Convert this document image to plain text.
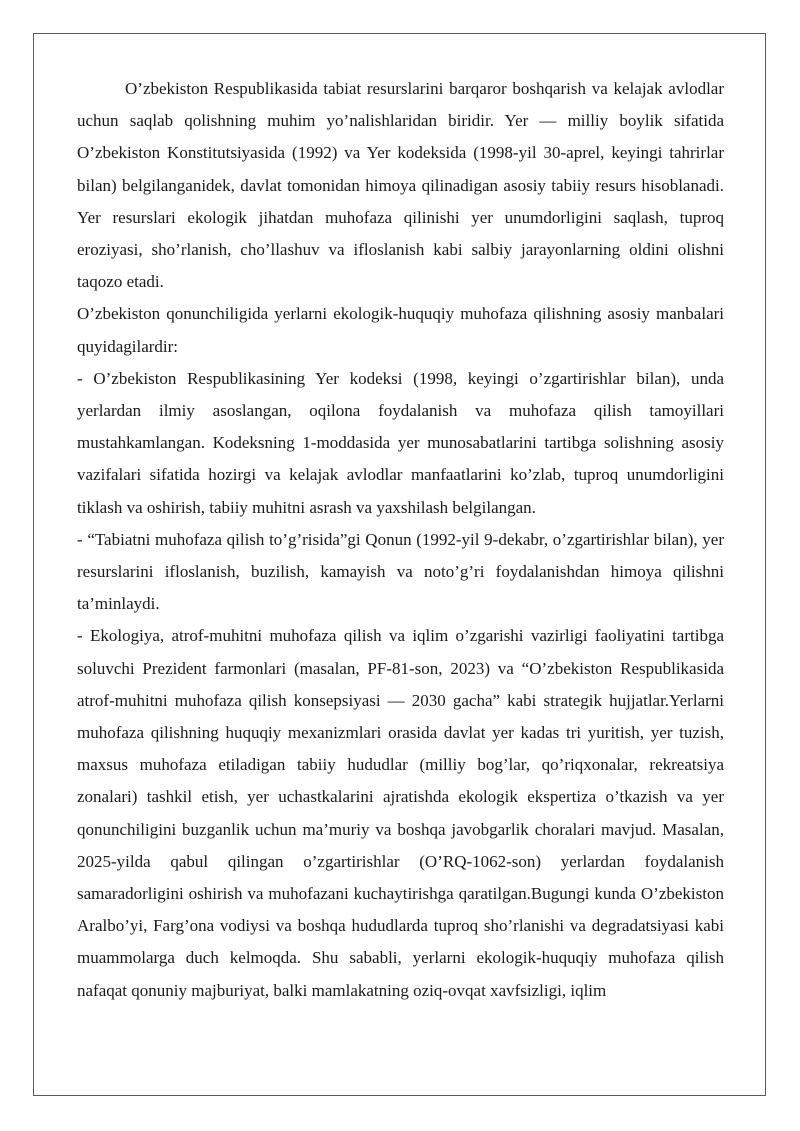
O’zbekiston Respublikasida tabiat resurslarini barqaror boshqarish va kelajak avlodlar uchun saqlab qolishning muhim yo’nalishlaridan biridir. Yer — milliy boylik sifatida O’zbekiston Konstitutsiyasida (1992) va Yer kodeksida (1998-yil 30-aprel, keyingi tahrirlar bilan) belgilanganidek, davlat tomonidan himoya qilinadigan asosiy tabiiy resurs hisoblanadi. Yer resurslari ekologik jihatdan muhofaza qilinishi yer unumdorligini saqlash, tuproq eroziyasi, sho’rlanish, cho’llashuv va ifloslanish kabi salbiy jarayonlarning oldini olishni taqozo etadi.

O’zbekiston qonunchiligida yerlarni ekologik-huquqiy muhofaza qilishning asosiy manbalari quyidagilardir:

- O’zbekiston Respublikasining Yer kodeksi (1998, keyingi o’zgartirishlar bilan), unda yerlardan ilmiy asoslangan, oqilona foydalanish va muhofaza qilish tamoyillari mustahkamlangan. Kodeksning 1-moddasida yer munosabatlarini tartibga solishning asosiy vazifalari sifatida hozirgi va kelajak avlodlar manfaatlarini ko’zlab, tuproq unumdorligini tiklash va oshirish, tabiiy muhitni asrash va yaxshilash belgilangan.

- “Tabiatni muhofaza qilish to’g’risida”gi Qonun (1992-yil 9-dekabr, o’zgartirishlar bilan), yer resurslarini ifloslanish, buzilish, kamayish va noto’g’ri foydalanishdan himoya qilishni ta’minlaydi.

- Ekologiya, atrof-muhitni muhofaza qilish va iqlim o’zgarishi vazirligi faoliyatini tartibga soluvchi Prezident farmonlari (masalan, PF-81-son, 2023) va “O’zbekiston Respublikasida atrof-muhitni muhofaza qilish konsepsiyasi — 2030 gacha” kabi strategik hujjatlar.Yerlarni muhofaza qilishning huquqiy mexanizmlari orasida davlat yer kadas tri yuritish, yer tuzish, maxsus muhofaza etiladigan tabiiy hududlar (milliy bog’lar, qo’riqxonalar, rekreatsiya zonalari) tashkil etish, yer uchastkalarini ajratishda ekologik ekspertiza o’tkazish va yer qonunchiligini buzganlik uchun ma’muriy va boshqa javobgarlik choralari mavjud. Masalan, 2025-yilda qabul qilingan o’zgartirishlar (O’RQ-1062-son) yerlardan foydalanish samaradorligini oshirish va muhofazani kuchaytirishga qaratilgan.Bugungi kunda O’zbekiston Aralbo’yi, Farg’ona vodiysi va boshqa hududlarda tuproq sho’rlanishi va degradatsiyasi kabi muammolarga duch kelmoqda. Shu sababli, yerlarni ekologik-huquqiy muhofaza qilish nafaqat qonuniy majburiyat, balki mamlakatning oziq-ovqat xavfsizligi, iqlim
